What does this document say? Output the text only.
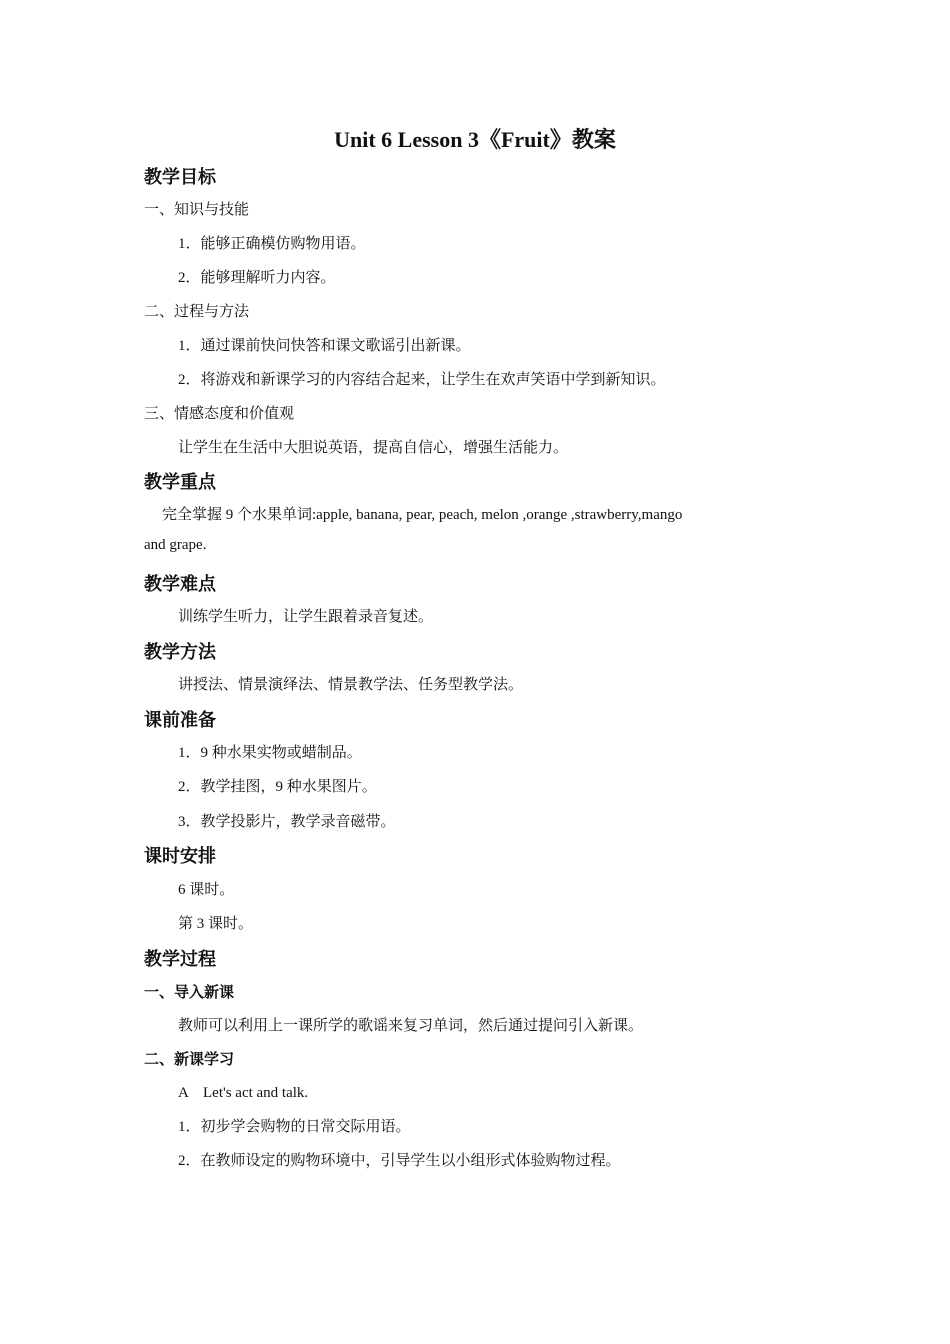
Unit 6 Lesson 3《Fruit》教案
教学目标
一、知识与技能
1．能够正确模仿购物用语。
2．能够理解听力内容。
二、过程与方法
1．通过课前快问快答和课文歌谣引出新课。
2．将游戏和新课学习的内容结合起来，让学生在欢声笑语中学到新知识。
三、情感态度和价值观
让学生在生活中大胆说英语，提高自信心，增强生活能力。
教学重点
完全掌握 9 个水果单词:apple, banana, pear, peach, melon ,orange ,strawberry,mango
and grape.
教学难点
训练学生听力，让学生跟着录音复述。
教学方法
讲授法、情景演绎法、情景教学法、任务型教学法。
课前准备
1．9 种水果实物或蜡制品。
2．教学挂图，9 种水果图片。
3．教学投影片，教学录音磁带。
课时安排
6 课时。
第 3 课时。
教学过程
一、导入新课
教师可以利用上一课所学的歌谣来复习单词，然后通过提问引入新课。
二、新课学习
A　Let's act and talk.
1．初步学会购物的日常交际用语。
2．在教师设定的购物环境中，引导学生以小组形式体验购物过程。
